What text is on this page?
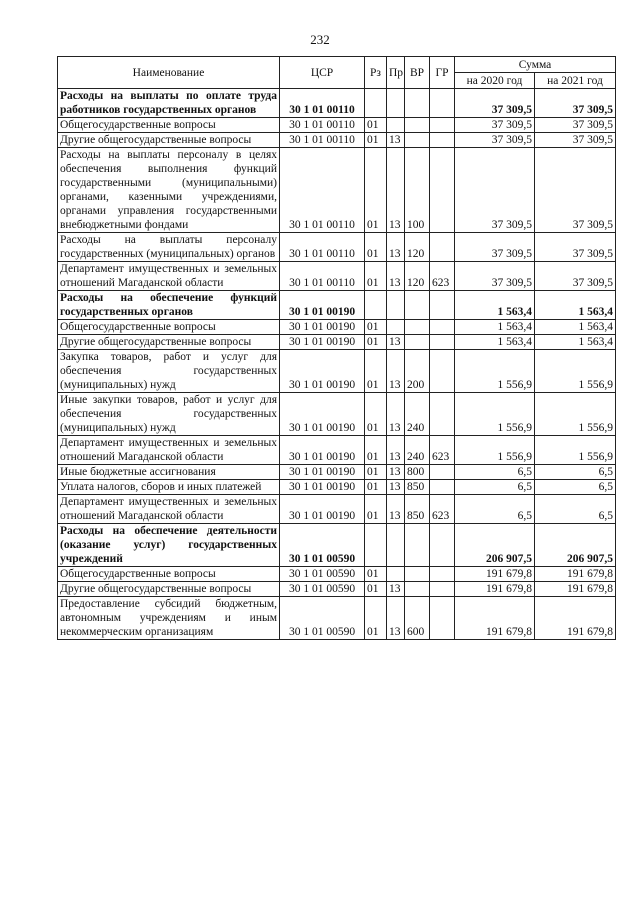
232
Наименование	ЦСР	Рз	Пр	ВР	ГР	Сумма	
						на 2020 год	на 2021 год
Расходы на выплаты по оплате труда работников государственных органов	30 1 01 00110					37 309,5	37 309,5
Общегосударственные вопросы	30 1 01 00110	01				37 309,5	37 309,5
Другие общегосударственные вопросы	30 1 01 00110	01	13			37 309,5	37 309,5
Расходы на выплаты персоналу в целях обеспечения выполнения функций государственными (муниципальными) органами, казенными учреждениями, органами управления государственными внебюджетными фондами	30 1 01 00110	01	13	100		37 309,5	37 309,5
Расходы на выплаты персоналу государственных (муниципальных) органов	30 1 01 00110	01	13	120		37 309,5	37 309,5
Департамент имущественных и земельных отношений Магаданской области	30 1 01 00110	01	13	120	623	37 309,5	37 309,5
Расходы на обеспечение функций государственных органов	30 1 01 00190					1 563,4	1 563,4
Общегосударственные вопросы	30 1 01 00190	01				1 563,4	1 563,4
Другие общегосударственные вопросы	30 1 01 00190	01	13			1 563,4	1 563,4
Закупка товаров, работ и услуг для обеспечения государственных (муниципальных) нужд	30 1 01 00190	01	13	200		1 556,9	1 556,9
Иные закупки товаров, работ и услуг для обеспечения государственных (муниципальных) нужд	30 1 01 00190	01	13	240		1 556,9	1 556,9
Департамент имущественных и земельных отношений Магаданской области	30 1 01 00190	01	13	240	623	1 556,9	1 556,9
Иные бюджетные ассигнования	30 1 01 00190	01	13	800		6,5	6,5
Уплата налогов, сборов и иных платежей	30 1 01 00190	01	13	850		6,5	6,5
Департамент имущественных и земельных отношений Магаданской области	30 1 01 00190	01	13	850	623	6,5	6,5
Расходы на обеспечение деятельности (оказание услуг) государственных учреждений	30 1 01 00590					206 907,5	206 907,5
Общегосударственные вопросы	30 1 01 00590	01				191 679,8	191 679,8
Другие общегосударственные вопросы	30 1 01 00590	01	13			191 679,8	191 679,8
Предоставление субсидий бюджетным, автономным учреждениям и иным некоммерческим организациям	30 1 01 00590	01	13	600		191 679,8	191 679,8
